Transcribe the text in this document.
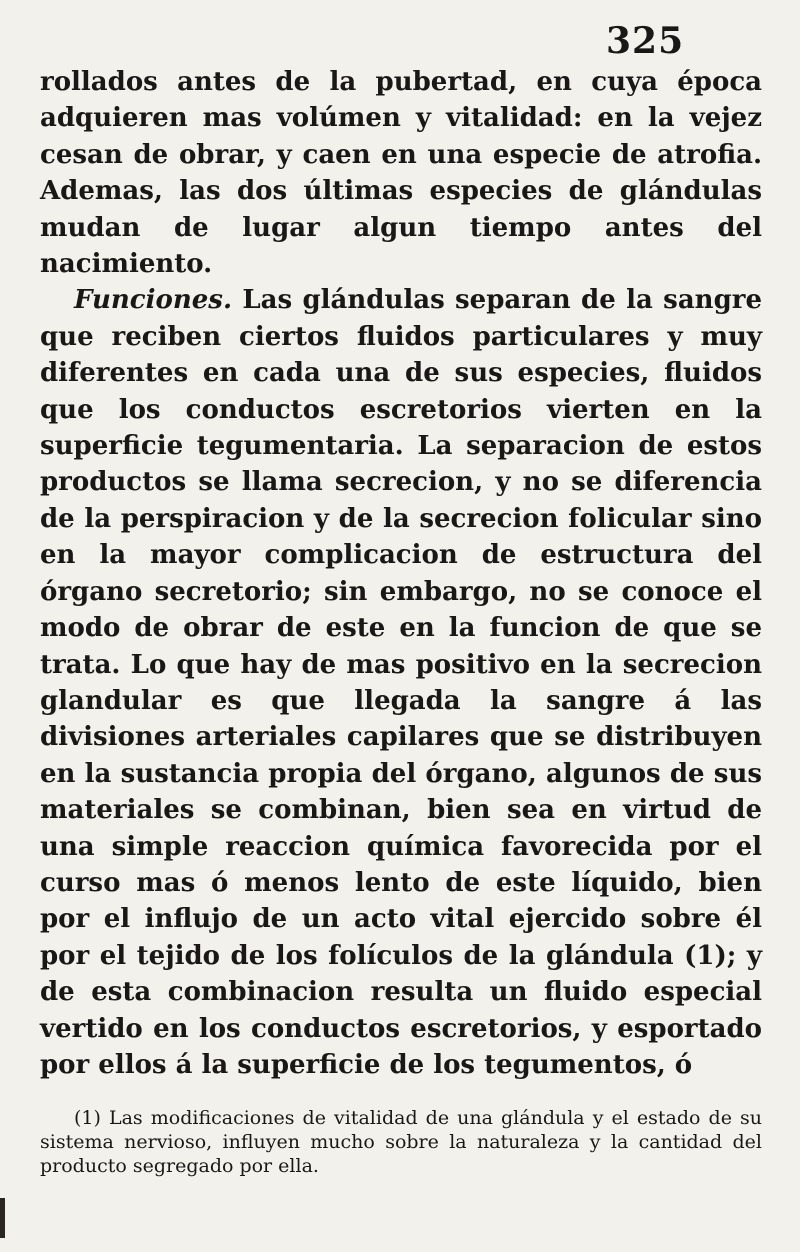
325

rollados antes de la pubertad, en cuya época adquieren mas volúmen y vitalidad: en la vejez cesan de obrar, y caen en una especie de atrofia. Ademas, las dos últimas especies de glándulas mudan de lugar algun tiempo antes del nacimiento.

Funciones. Las glándulas separan de la sangre que reciben ciertos fluidos particulares y muy diferentes en cada una de sus especies, fluidos que los conductos escretorios vierten en la superficie tegumentaria. La separacion de estos productos se llama secrecion, y no se diferencia de la perspiracion y de la secrecion folicular sino en la mayor complicacion de estructura del órgano secretorio; sin embargo, no se conoce el modo de obrar de este en la funcion de que se trata. Lo que hay de mas positivo en la secrecion glandular es que llegada la sangre á las divisiones arteriales capilares que se distribuyen en la sustancia propia del órgano, algunos de sus materiales se combinan, bien sea en virtud de una simple reaccion química favorecida por el curso mas ó menos lento de este líquido, bien por el influjo de un acto vital ejercido sobre él por el tejido de los folículos de la glándula (1); y de esta combinacion resulta un fluido especial vertido en los conductos escretorios, y esportado por ellos á la superficie de los tegumentos, ó

(1) Las modificaciones de vitalidad de una glándula y el estado de su sistema nervioso, influyen mucho sobre la naturaleza y la cantidad del producto segregado por ella.
